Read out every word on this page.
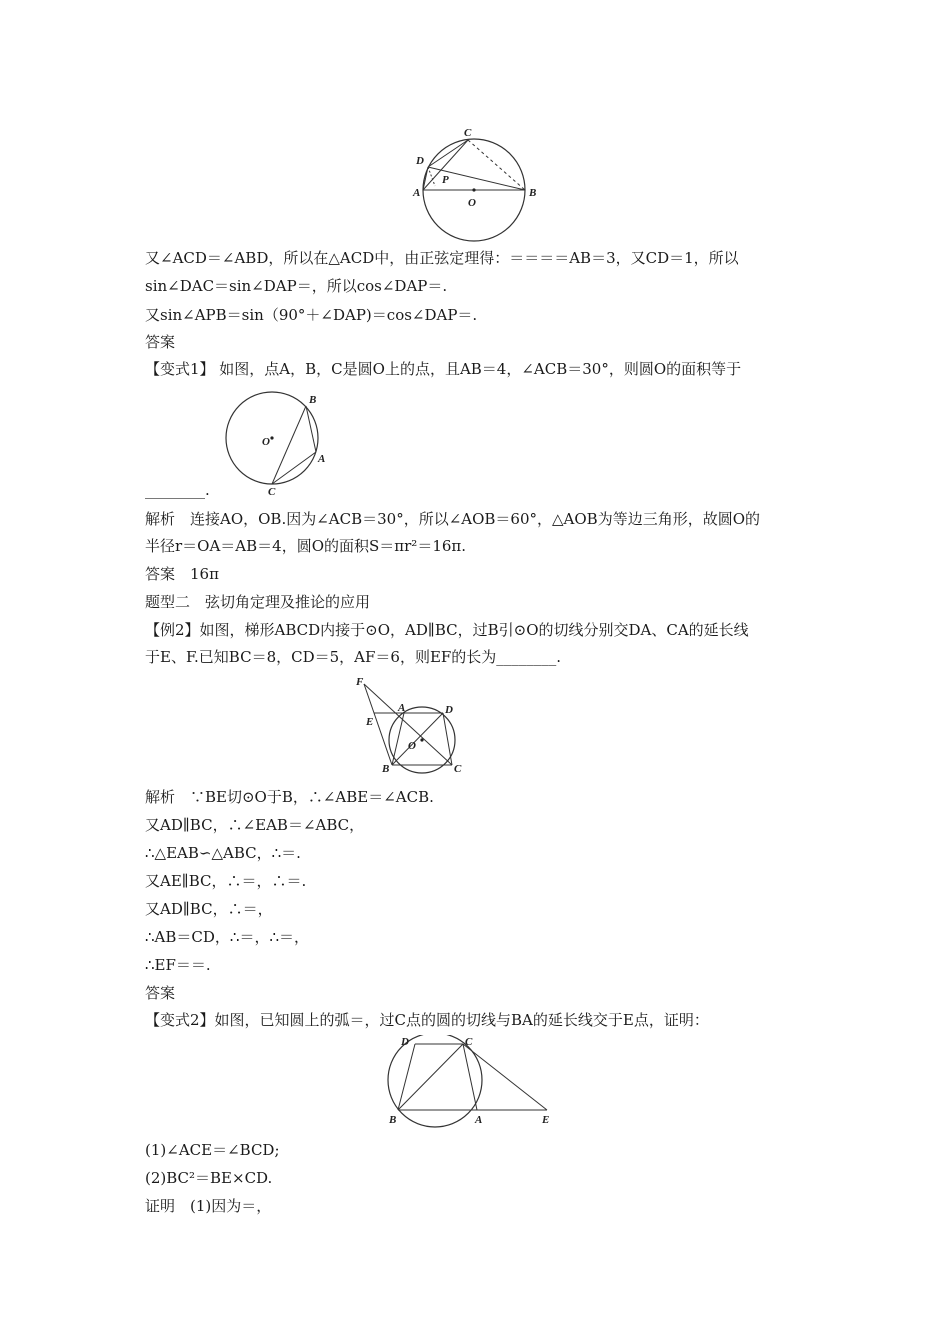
C
D
P
A
O
B
B
O
A
C
F
E
A	D
O
B	C
D	C
B	A	E
又∠ACD＝∠ABD，所以在△ACD中，由正弦定理得：＝＝＝＝AB＝3，又CD＝1，所以
sin∠DAC＝sin∠DAP＝，所以cos∠DAP＝.
又sin∠APB＝sin（90°＋∠DAP)＝cos∠DAP＝.
答案
【变式1】 如图，点A，B，C是圆O上的点，且AB＝4，∠ACB＝30°，则圆O的面积等于
________.
解析　连接AO，OB.因为∠ACB＝30°，所以∠AOB＝60°，△AOB为等边三角形，故圆O的
半径r＝OA＝AB＝4，圆O的面积S＝πr²＝16π.
答案　16π
题型二　弦切角定理及推论的应用
【例2】如图，梯形ABCD内接于⊙O，AD∥BC，过B引⊙O的切线分别交DA、CA的延长线
于E、F.已知BC＝8，CD＝5，AF＝6，则EF的长为________.
解析　∵BE切⊙O于B，∴∠ABE＝∠ACB.
又AD∥BC，∴∠EAB＝∠ABC，
∴△EAB∽△ABC，∴＝.
又AE∥BC，∴＝，∴＝.
又AD∥BC，∴＝，
∴AB＝CD，∴＝，∴＝，
∴EF＝＝.
答案
【变式2】如图，已知圆上的弧＝，过C点的圆的切线与BA的延长线交于E点，证明：
(1)∠ACE＝∠BCD;
(2)BC²＝BE×CD.
证明　(1)因为＝，
